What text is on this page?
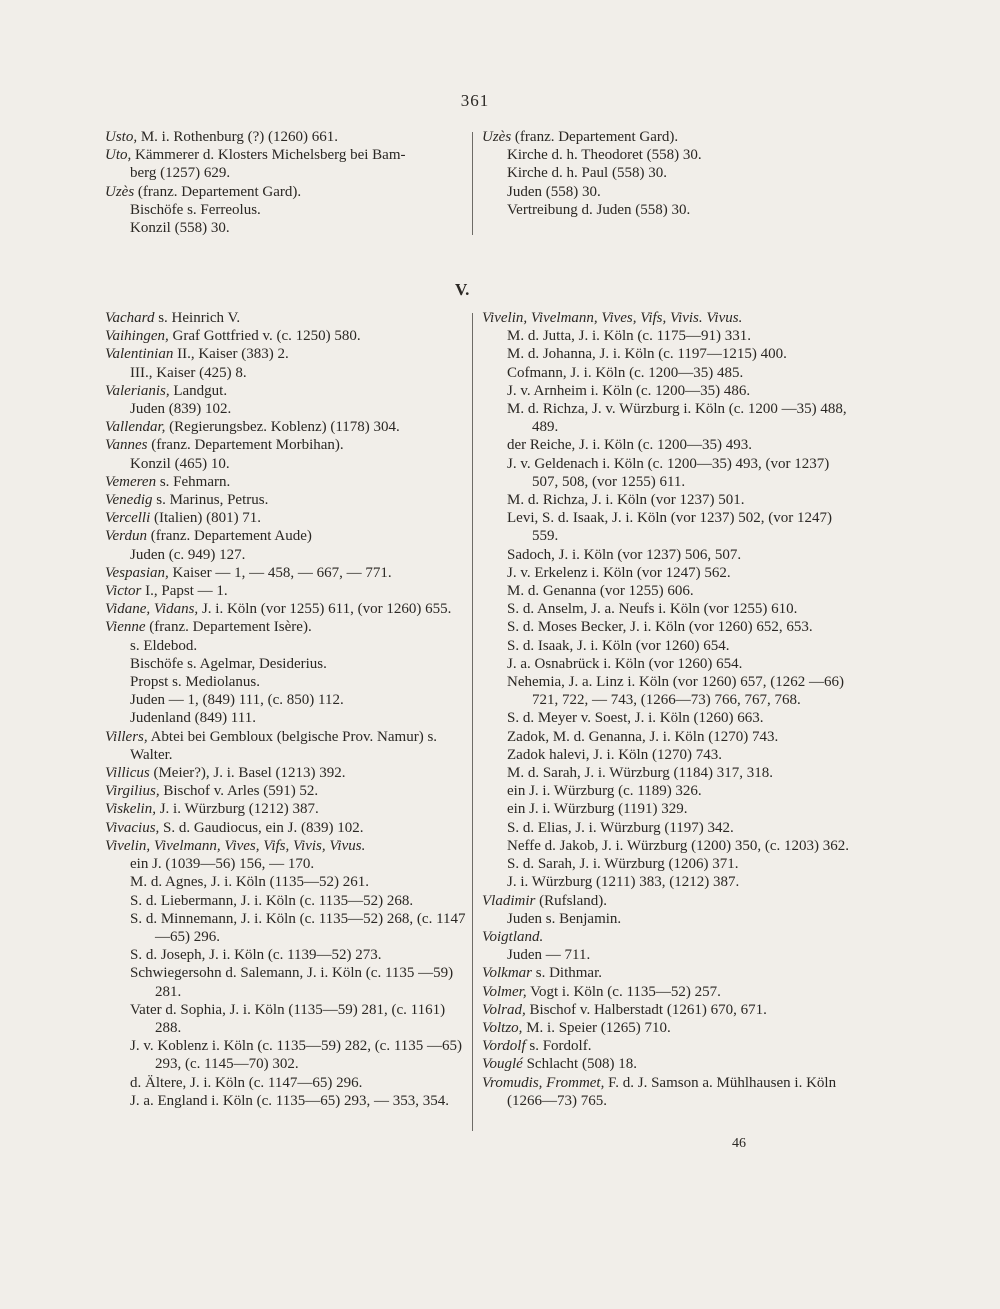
361
Usto, M. i. Rothenburg (?) (1260) 661.
Uto, Kämmerer d. Klosters Michelsberg bei Bam-
berg (1257) 629.
Uzès (franz. Departement Gard).
Bischöfe s. Ferreolus.
Konzil (558) 30.
Uzès (franz. Departement Gard).
Kirche d. h. Theodoret (558) 30.
Kirche d. h. Paul (558) 30.
Juden (558) 30.
Vertreibung d. Juden (558) 30.
V.
Vachard s. Heinrich V.
Vaihingen, Graf Gottfried v. (c. 1250) 580.
Valentinian II., Kaiser (383) 2.
III., Kaiser (425) 8.
Valerianis, Landgut.
Juden (839) 102.
Vallendar, (Regierungsbez. Koblenz) (1178) 304.
Vannes (franz. Departement Morbihan).
Konzil (465) 10.
Vemeren s. Fehmarn.
Venedig s. Marinus, Petrus.
Vercelli (Italien) (801) 71.
Verdun (franz. Departement Aude)
Juden (c. 949) 127.
Vespasian, Kaiser — 1, — 458, — 667, — 771.
Victor I., Papst — 1.
Vidane, Vidans, J. i. Köln (vor 1255) 611, (vor 1260) 655.
Vienne (franz. Departement Isère).
s. Eldebod.
Bischöfe s. Agelmar, Desiderius.
Propst s. Mediolanus.
Juden — 1, (849) 111, (c. 850) 112.
Judenland (849) 111.
Villers, Abtei bei Gembloux (belgische Prov. Namur) s. Walter.
Villicus (Meier?), J. i. Basel (1213) 392.
Virgilius, Bischof v. Arles (591) 52.
Viskelin, J. i. Würzburg (1212) 387.
Vivacius, S. d. Gaudiocus, ein J. (839) 102.
Vivelin, Vivelmann, Vives, Vifs, Vivis, Vivus.
ein J. (1039—56) 156, — 170.
M. d. Agnes, J. i. Köln (1135—52) 261.
S. d. Liebermann, J. i. Köln (c. 1135—52) 268.
S. d. Minnemann, J. i. Köln (c. 1135—52) 268, (c. 1147—65) 296.
S. d. Joseph, J. i. Köln (c. 1139—52) 273.
Schwiegersohn d. Salemann, J. i. Köln (c. 1135 —59) 281.
Vater d. Sophia, J. i. Köln (1135—59) 281, (c. 1161) 288.
J. v. Koblenz i. Köln (c. 1135—59) 282, (c. 1135 —65) 293, (c. 1145—70) 302.
d. Ältere, J. i. Köln (c. 1147—65) 296.
J. a. England i. Köln (c. 1135—65) 293, — 353, 354.
Vivelin, Vivelmann, Vives, Vifs, Vivis. Vivus.
M. d. Jutta, J. i. Köln (c. 1175—91) 331.
M. d. Johanna, J. i. Köln (c. 1197—1215) 400.
Cofmann, J. i. Köln (c. 1200—35) 485.
J. v. Arnheim i. Köln (c. 1200—35) 486.
M. d. Richza, J. v. Würzburg i. Köln (c. 1200 —35) 488, 489.
der Reiche, J. i. Köln (c. 1200—35) 493.
J. v. Geldenach i. Köln (c. 1200—35) 493, (vor 1237) 507, 508, (vor 1255) 611.
M. d. Richza, J. i. Köln (vor 1237) 501.
Levi, S. d. Isaak, J. i. Köln (vor 1237) 502, (vor 1247) 559.
Sadoch, J. i. Köln (vor 1237) 506, 507.
J. v. Erkelenz i. Köln (vor 1247) 562.
M. d. Genanna (vor 1255) 606.
S. d. Anselm, J. a. Neufs i. Köln (vor 1255) 610.
S. d. Moses Becker, J. i. Köln (vor 1260) 652, 653.
S. d. Isaak, J. i. Köln (vor 1260) 654.
J. a. Osnabrück i. Köln (vor 1260) 654.
Nehemia, J. a. Linz i. Köln (vor 1260) 657, (1262 —66) 721, 722, — 743, (1266—73) 766, 767, 768.
S. d. Meyer v. Soest, J. i. Köln (1260) 663.
Zadok, M. d. Genanna, J. i. Köln (1270) 743.
Zadok halevi, J. i. Köln (1270) 743.
M. d. Sarah, J. i. Würzburg (1184) 317, 318.
ein J. i. Würzburg (c. 1189) 326.
ein J. i. Würzburg (1191) 329.
S. d. Elias, J. i. Würzburg (1197) 342.
Neffe d. Jakob, J. i. Würzburg (1200) 350, (c. 1203) 362.
S. d. Sarah, J. i. Würzburg (1206) 371.
J. i. Würzburg (1211) 383, (1212) 387.
Vladimir (Rufsland).
Juden s. Benjamin.
Voigtland.
Juden — 711.
Volkmar s. Dithmar.
Volmer, Vogt i. Köln (c. 1135—52) 257.
Volrad, Bischof v. Halberstadt (1261) 670, 671.
Voltzo, M. i. Speier (1265) 710.
Vordolf s. Fordolf.
Vouglé Schlacht (508) 18.
Vromudis, Frommet, F. d. J. Samson a. Mühlhausen i. Köln (1266—73) 765.
46
